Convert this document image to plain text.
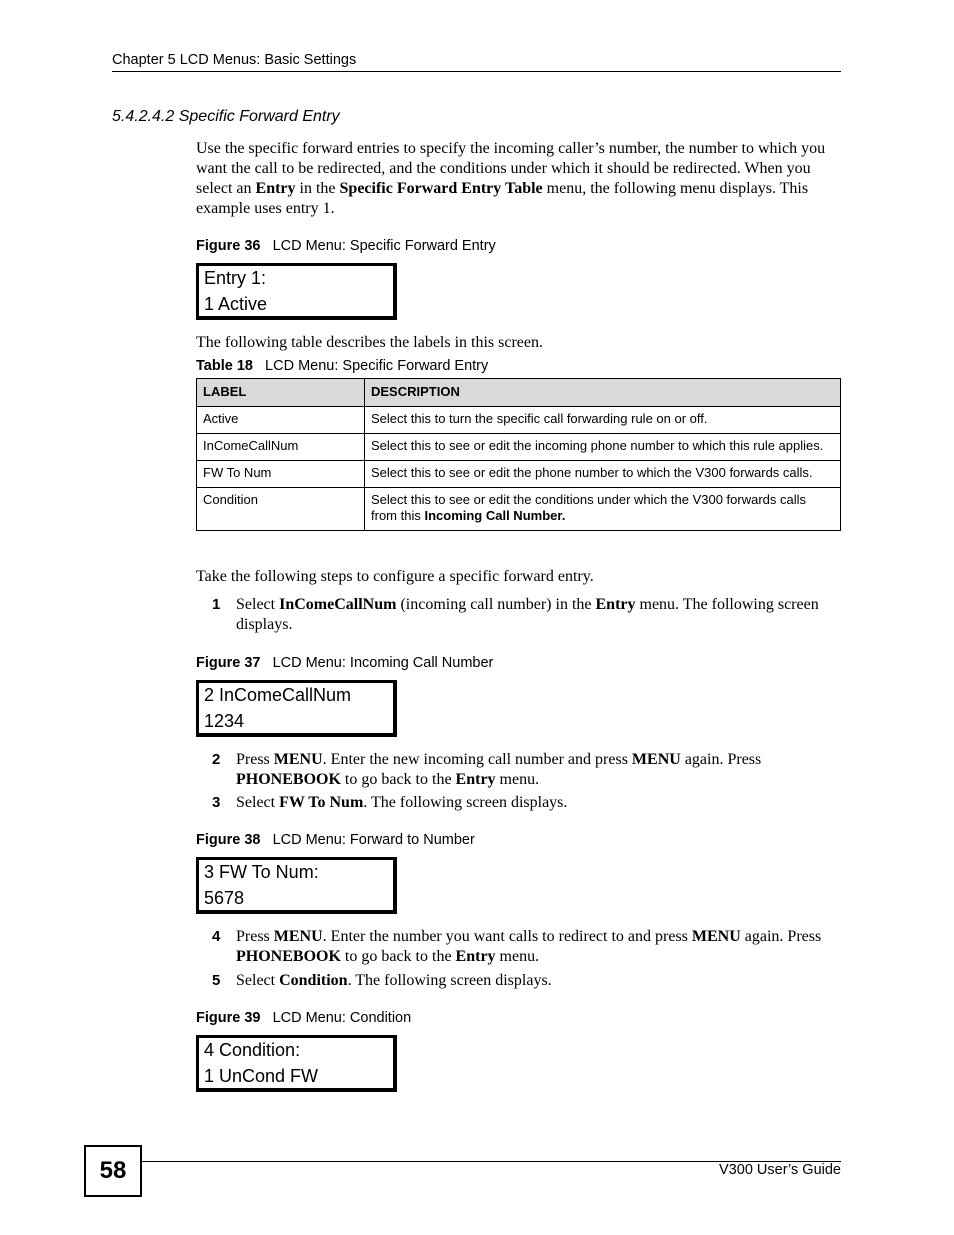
Chapter 5 LCD Menus: Basic Settings
5.4.2.4.2 Specific Forward Entry
Use the specific forward entries to specify the incoming caller’s number, the number to which you want the call to be redirected, and the conditions under which it should be redirected. When you select an Entry in the Specific Forward Entry Table menu, the following menu displays. This example uses entry 1.
Figure 36 LCD Menu: Specific Forward Entry
Entry 1:
1 Active
The following table describes the labels in this screen.
Table 18 LCD Menu: Specific Forward Entry
LABEL	DESCRIPTION
Active	Select this to turn the specific call forwarding rule on or off.
InComeCallNum	Select this to see or edit the incoming phone number to which this rule applies.
FW To Num	Select this to see or edit the phone number to which the V300 forwards calls.
Condition	Select this to see or edit the conditions under which the V300 forwards calls from this Incoming Call Number.
Take the following steps to configure a specific forward entry.
1 Select InComeCallNum (incoming call number) in the Entry menu. The following screen displays.
Figure 37 LCD Menu: Incoming Call Number
2 InComeCallNum
1234
2 Press MENU. Enter the new incoming call number and press MENU again. Press PHONEBOOK to go back to the Entry menu.
3 Select FW To Num. The following screen displays.
Figure 38 LCD Menu: Forward to Number
3 FW To Num:
5678
4 Press MENU. Enter the number you want calls to redirect to and press MENU again. Press PHONEBOOK to go back to the Entry menu.
5 Select Condition. The following screen displays.
Figure 39 LCD Menu: Condition
4 Condition:
1 UnCond FW
58	V300 User’s Guide
